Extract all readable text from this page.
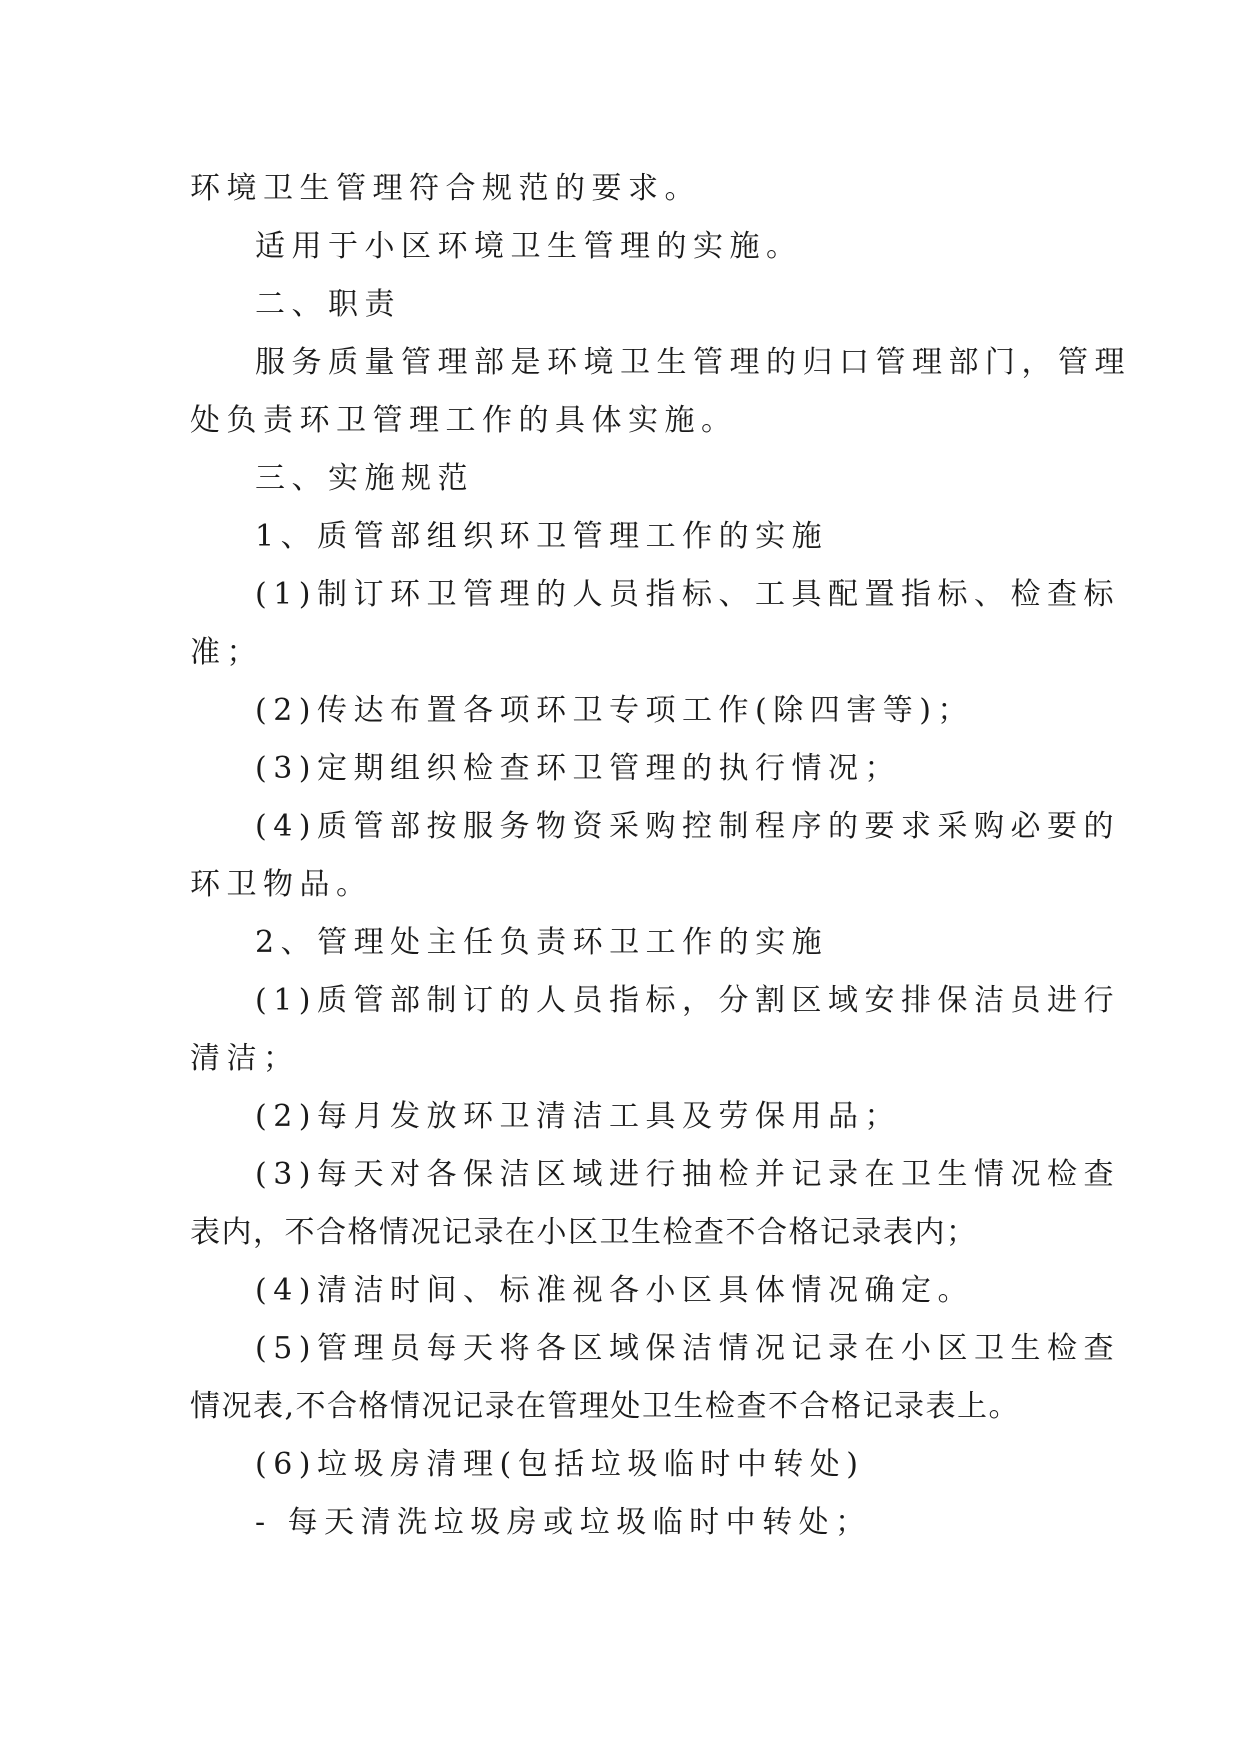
环境卫生管理符合规范的要求。
适用于小区环境卫生管理的实施。
二、职责
服务质量管理部是环境卫生管理的归口管理部门，管理
处负责环卫管理工作的具体实施。
三、实施规范
1、质管部组织环卫管理工作的实施
(1)制订环卫管理的人员指标、工具配置指标、检查标
准；
(2)传达布置各项环卫专项工作(除四害等)；
(3)定期组织检查环卫管理的执行情况；
(4)质管部按服务物资采购控制程序的要求采购必要的
环卫物品。
2、管理处主任负责环卫工作的实施
(1)质管部制订的人员指标，分割区域安排保洁员进行
清洁；
(2)每月发放环卫清洁工具及劳保用品；
(3)每天对各保洁区域进行抽检并记录在卫生情况检查
表内，不合格情况记录在小区卫生检查不合格记录表内；
(4)清洁时间、标准视各小区具体情况确定。
(5)管理员每天将各区域保洁情况记录在小区卫生检查
情况表,不合格情况记录在管理处卫生检查不合格记录表上。
(6)垃圾房清理(包括垃圾临时中转处)
- 每天清洗垃圾房或垃圾临时中转处；
